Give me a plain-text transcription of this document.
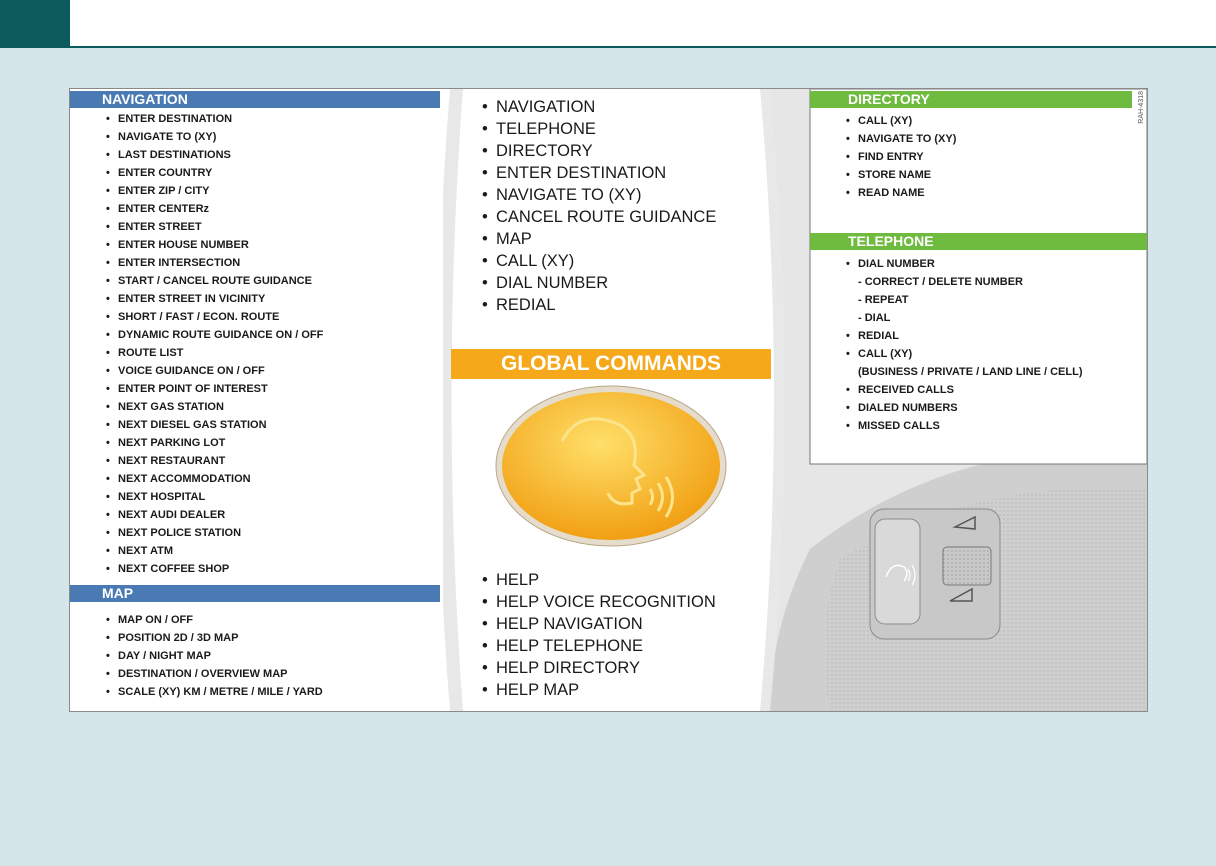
NAVIGATION
• ENTER DESTINATION
• NAVIGATE TO (XY)
• LAST DESTINATIONS
• ENTER COUNTRY
• ENTER ZIP / CITY
• ENTER CENTERz
• ENTER STREET
• ENTER HOUSE NUMBER
• ENTER INTERSECTION
• START / CANCEL ROUTE GUIDANCE
• ENTER STREET IN VICINITY
• SHORT / FAST / ECON. ROUTE
• DYNAMIC ROUTE GUIDANCE ON / OFF
• ROUTE LIST
• VOICE GUIDANCE ON / OFF
• ENTER POINT OF INTEREST
• NEXT GAS STATION
• NEXT DIESEL GAS STATION
• NEXT PARKING LOT
• NEXT RESTAURANT
• NEXT ACCOMMODATION
• NEXT HOSPITAL
• NEXT AUDI DEALER
• NEXT POLICE STATION
• NEXT ATM
• NEXT COFFEE SHOP
NAV
MAP
• MAP ON / OFF
• POSITION 2D / 3D MAP
• DAY / NIGHT MAP
• DESTINATION / OVERVIEW MAP
• SCALE (XY) KM / METRE / MILE / YARD
• NAVIGATION
• TELEPHONE
• DIRECTORY
• ENTER DESTINATION
• NAVIGATE TO (XY)
• CANCEL ROUTE GUIDANCE
• MAP
• CALL (XY)
• DIAL NUMBER
• REDIAL
GLOBAL COMMANDS
• HELP
• HELP VOICE RECOGNITION
• HELP NAVIGATION
• HELP TELEPHONE
• HELP DIRECTORY
• HELP MAP
DIRECTORY
• CALL (XY)
• NAVIGATE TO (XY)
• FIND ENTRY
• STORE NAME
• READ NAME
NAME
TEL
TELEPHONE
• DIAL NUMBER
- CORRECT / DELETE NUMBER
- REPEAT
- DIAL
• REDIAL
• CALL (XY)
(BUSINESS / PRIVATE / LAND LINE / CELL)
• RECEIVED CALLS
• DIALED NUMBERS
• MISSED CALLS
RAH-4318
